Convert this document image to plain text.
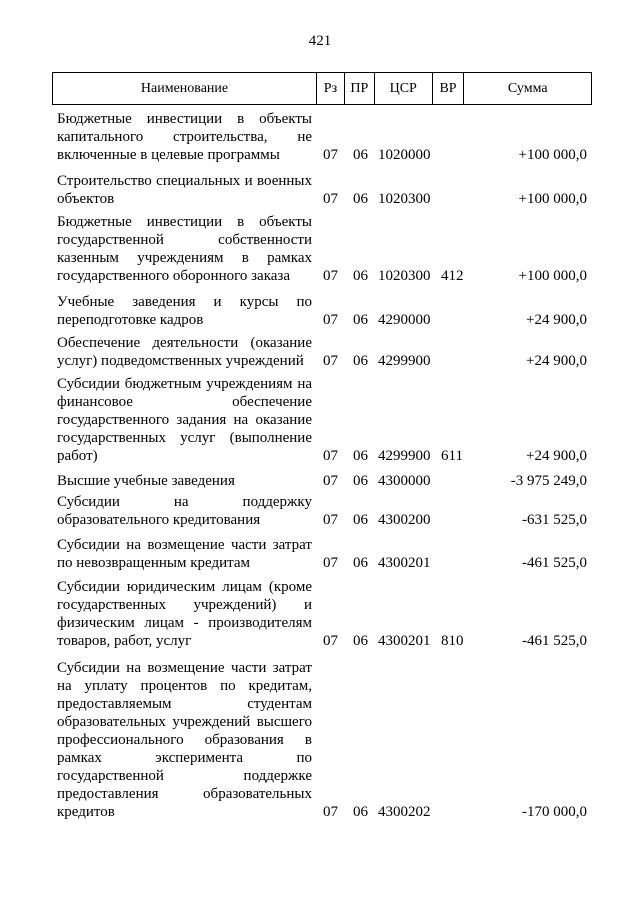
421
Наименование	Рз ПР	ЦСР	ВР	Сумма
Бюджетные инвестиции в объекты
капитального строительства, не
включенные в целевые программы	07 06 1020000	+100 000,0
Строительство специальных и военных
объектов	07 06 1020300	+100 000,0
Бюджетные инвестиции в объекты
государственной собственности
казенным учреждениям в рамках
государственного оборонного заказа	07 06 1020300 412	+100 000,0
Учебные заведения и курсы по
переподготовке кадров	07 06 4290000	+24 900,0
Обеспечение деятельности (оказание
услуг) подведомственных учреждений	07 06 4299900	+24 900,0
Субсидии бюджетным учреждениям на
финансовое обеспечение
государственного задания на оказание
государственных услуг (выполнение
работ)	07 06 4299900 611	+24 900,0
Высшие учебные заведения	07 06 4300000	-3 975 249,0
Субсидии на поддержку
образовательного кредитования	07 06 4300200	-631 525,0
Субсидии на возмещение части затрат
по невозвращенным кредитам	07 06 4300201	-461 525,0
Субсидии юридическим лицам (кроме
государственных учреждений) и
физическим лицам - производителям
товаров, работ, услуг	07 06 4300201 810	-461 525,0
Субсидии на возмещение части затрат
на уплату процентов по кредитам,
предоставляемым студентам
образовательных учреждений высшего
профессионального образования в
рамках эксперимента по
государственной поддержке
предоставления образовательных
кредитов	07 06 4300202	-170 000,0
